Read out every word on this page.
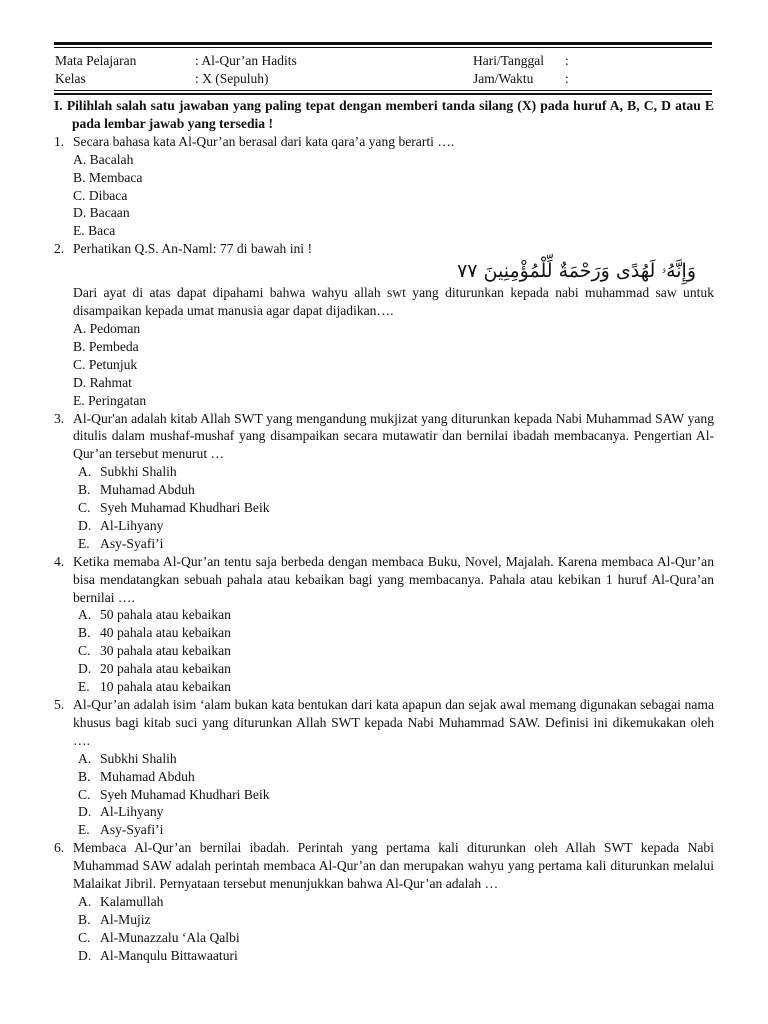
Mata Pelajaran	: Al-Qur’an Hadits	Hari/Tanggal :
Kelas	: X (Sepuluh)	Jam/Waktu :
I. Pilihlah salah satu jawaban yang paling tepat dengan memberi tanda silang (X) pada huruf A, B, C, D atau E pada lembar jawab yang tersedia !
1. Secara bahasa kata Al-Qur’an berasal dari kata qara’a yang berarti ….
A. Bacalah
B. Membaca
C. Dibaca
D. Bacaan
E. Baca
2. Perhatikan Q.S. An-Naml: 77 di bawah ini !
وَإِنَّهُۥ لَهُدًى وَرَحْمَةٌ لِّلْمُؤْمِنِينَ ٧٧
Dari ayat di atas dapat dipahami bahwa wahyu allah swt yang diturunkan kepada nabi muhammad saw untuk disampaikan kepada umat manusia agar dapat dijadikan….
A. Pedoman
B. Pembeda
C. Petunjuk
D. Rahmat
E. Peringatan
3. Al-Qur'an adalah kitab Allah SWT yang mengandung mukjizat yang diturunkan kepada Nabi Muhammad SAW yang ditulis dalam mushaf-mushaf yang disampaikan secara mutawatir dan bernilai ibadah membacanya. Pengertian Al-Qur’an tersebut menurut …
A. Subkhi Shalih
B. Muhamad Abduh
C. Syeh Muhamad Khudhari Beik
D. Al-Lihyany
E. Asy-Syafi’i
4. Ketika memaba Al-Qur’an tentu saja berbeda dengan membaca Buku, Novel, Majalah. Karena membaca Al-Qur’an bisa mendatangkan sebuah pahala atau kebaikan bagi yang membacanya. Pahala atau kebikan 1 huruf Al-Qura’an bernilai ….
A. 50 pahala atau kebaikan
B. 40 pahala atau kebaikan
C. 30 pahala atau kebaikan
D. 20 pahala atau kebaikan
E. 10 pahala atau kebaikan
5. Al-Qur’an adalah isim ‘alam bukan kata bentukan dari kata apapun dan sejak awal memang digunakan sebagai nama khusus bagi kitab suci yang diturunkan Allah SWT kepada Nabi Muhammad SAW. Definisi ini dikemukakan oleh ….
A. Subkhi Shalih
B. Muhamad Abduh
C. Syeh Muhamad Khudhari Beik
D. Al-Lihyany
E. Asy-Syafi’i
6. Membaca Al-Qur’an bernilai ibadah. Perintah yang pertama kali diturunkan oleh Allah SWT kepada Nabi Muhammad SAW adalah perintah membaca Al-Qur’an dan merupakan wahyu yang pertama kali diturunkan melalui Malaikat Jibril. Pernyataan tersebut menunjukkan bahwa Al-Qur’an adalah …
A. Kalamullah
B. Al-Mujiz
C. Al-Munazzalu ‘Ala Qalbi
D. Al-Manqulu Bittawaaturi
